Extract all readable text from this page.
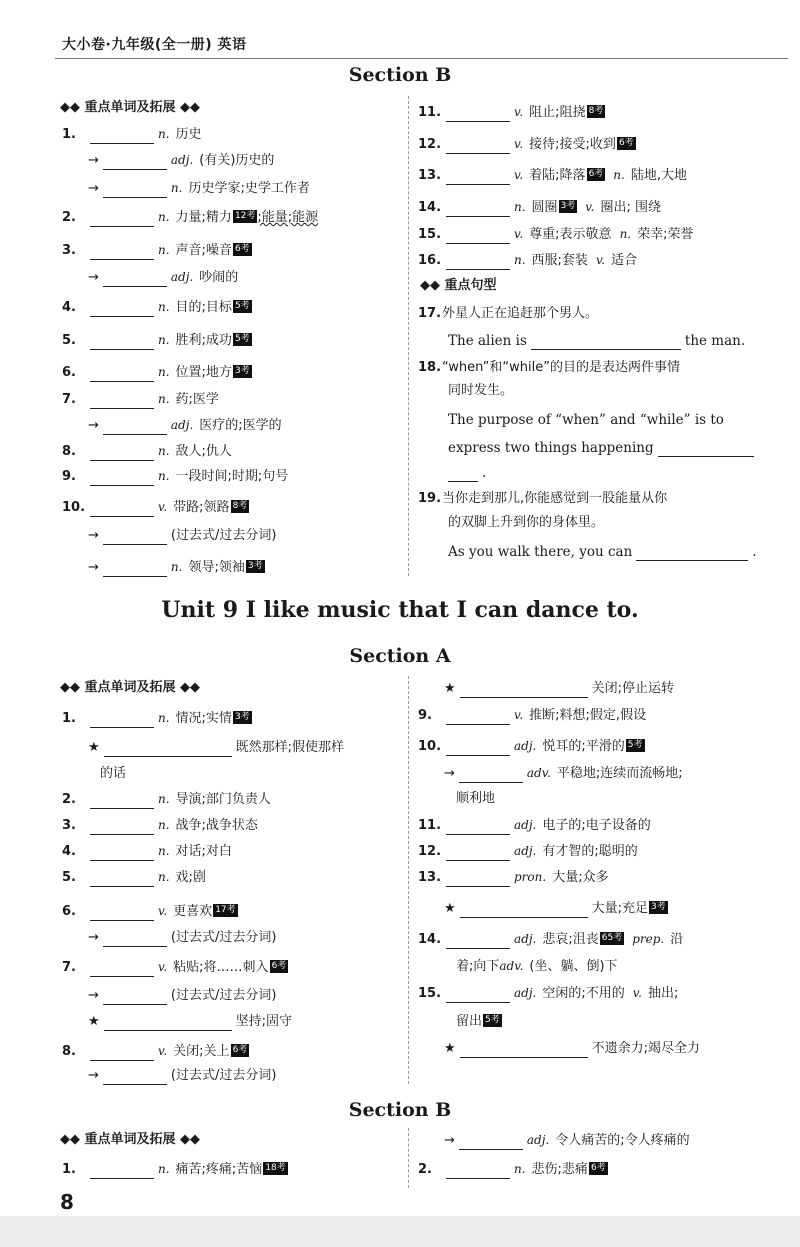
大小卷·九年级(全一册) 英语
Section B
◆◆ 重点单词及拓展 ◆◆
1.	n. 历史
→	adj. (有关)历史的
→	n. 历史学家;史学工作者
2.	n. 力量;精力 12考 ;能量;能源
3.	n. 声音;噪音 6考
→	adj. 吵闹的
4.	n. 目的;目标 5考
5.	n. 胜利;成功 5考
6.	n. 位置;地方 3考
7.	n. 药;医学
→	adj. 医疗的;医学的
8.	n. 敌人;仇人
9.	n. 一段时间;时期;句号
10.	v. 带路;领路 8考
→	(过去式/过去分词)
→	n. 领导;领袖 3考
11.	v. 阻止;阻挠 8考
12.	v. 接待;接受;收到 6考
13.	v. 着陆;降落 6考 n. 陆地,大地
14.	n. 圆圈 3考 v. 圈出; 围绕
15.	v. 尊重;表示敬意 n. 荣幸;荣誉
16.	n. 西服;套装 v. 适合
◆◆ 重点句型
17.外星人正在追赶那个男人。
The alien is	the man.
18.“when”和“while”的目的是表达两件事情
同时发生。
The purpose of “when” and “while” is to
express two things happening
.
19.当你走到那儿,你能感觉到一股能量从你
的双脚上升到你的身体里。
As you walk there, you can	.
Unit 9 I like music that I can dance to.
Section A
◆◆ 重点单词及拓展 ◆◆
1.	n. 情况;实情 3考
★	既然那样;假使那样
的话
2.	n. 导演;部门负责人
3.	n. 战争;战争状态
4.	n. 对话;对白
5.	n. 戏;剧
6.	v. 更喜欢 17考
→	(过去式/过去分词)
7.	v. 粘贴;将……刺入 6考
→	(过去式/过去分词)
★	坚持;固守
8.	v. 关闭;关上 6考
→	(过去式/过去分词)
★	关闭;停止运转
9.	v. 推断;料想;假定,假设
10.	adj. 悦耳的;平滑的 5考
→	adv. 平稳地;连续而流畅地;
顺利地
11.	adj. 电子的;电子设备的
12.	adj. 有才智的;聪明的
13.	pron. 大量;众多
★	大量;充足 3考
14.	adj. 悲哀;沮丧 65考 prep. 沿
着;向下adv. (坐、躺、倒)下
15.	adj. 空闲的;不用的 v. 抽出;
留出 5考
★	不遗余力;竭尽全力
Section B
◆◆ 重点单词及拓展 ◆◆
1.	n. 痛苦;疼痛;苦恼 18考
→	adj. 令人痛苦的;令人疼痛的
2.	n. 悲伤;悲痛 6考
8
